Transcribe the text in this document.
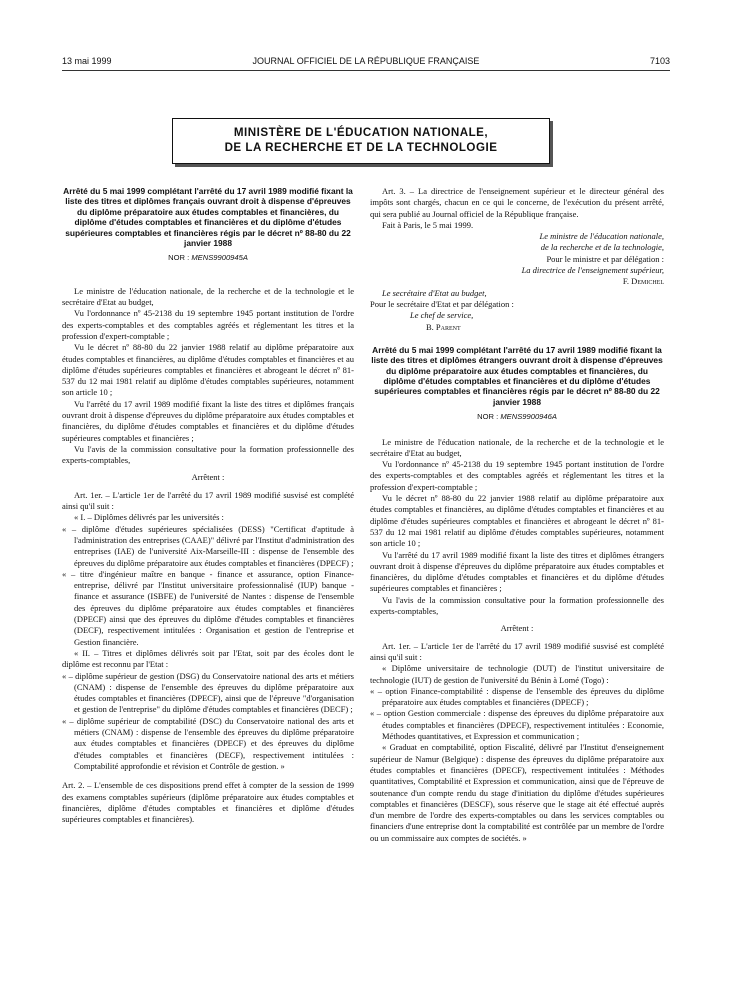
13 mai 1999	JOURNAL OFFICIEL DE LA RÉPUBLIQUE FRANÇAISE	7103
MINISTÈRE DE L'ÉDUCATION NATIONALE,
DE LA RECHERCHE ET DE LA TECHNOLOGIE

Arrêté du 5 mai 1999 complétant l'arrêté du 17 avril 1989 modifié fixant la liste des titres et diplômes français ouvrant droit à dispense d'épreuves du diplôme préparatoire aux études comptables et financières, du diplôme d'études comptables et financières et du diplôme d'études supérieures comptables et financières régis par le décret nº 88-80 du 22 janvier 1988

NOR : MENS9900945A

Le ministre de l'éducation nationale, de la recherche et de la technologie et le secrétaire d'Etat au budget,

Vu l'ordonnance nº 45-2138 du 19 septembre 1945 portant institution de l'ordre des experts-comptables et des comptables agréés et réglementant les titres et la profession d'expert-comptable ;

Vu le décret nº 88-80 du 22 janvier 1988 relatif au diplôme préparatoire aux études comptables et financières, au diplôme d'études comptables et financières et au diplôme d'études supérieures comptables et financières et abrogeant le décret nº 81-537 du 12 mai 1981 relatif au diplôme d'études comptables supérieures, notamment son article 10 ;

Vu l'arrêté du 17 avril 1989 modifié fixant la liste des titres et diplômes français ouvrant droit à dispense d'épreuves du diplôme préparatoire aux études comptables et financières, du diplôme d'études comptables et financières et du diplôme d'études supérieures comptables et financières ;

Vu l'avis de la commission consultative pour la formation professionnelle des experts-comptables,

Arrêtent :

Art. 1er. – L'article 1er de l'arrêté du 17 avril 1989 modifié susvisé est complété ainsi qu'il suit :

« I. – Diplômes délivrés par les universités :

« – diplôme d'études supérieures spécialisées (DESS) "Certificat d'aptitude à l'administration des entreprises (CAAE)" délivré par l'Institut d'administration des entreprises (IAE) de l'université Aix-Marseille-III : dispense de l'ensemble des épreuves du diplôme préparatoire aux études comptables et financières (DPECF) ;

« – titre d'ingénieur maître en banque - finance et assurance, option Finance-entreprise, délivré par l'Institut universitaire professionnalisé (IUP) banque - finance et assurance (ISBFE) de l'université de Nantes : dispense de l'ensemble des épreuves du diplôme préparatoire aux études comptables et financières (DPECF) ainsi que des épreuves du diplôme d'études comptables et financières (DECF), respectivement intitulées : Organisation et gestion de l'entreprise et Gestion financière.

« II. – Titres et diplômes délivrés soit par l'Etat, soit par des écoles dont le diplôme est reconnu par l'Etat :

« – diplôme supérieur de gestion (DSG) du Conservatoire national des arts et métiers (CNAM) : dispense de l'ensemble des épreuves du diplôme préparatoire aux études comptables et financières (DPECF), ainsi que de l'épreuve "d'organisation et gestion de l'entreprise" du diplôme d'études comptables et financières (DECF) ;

« – diplôme supérieur de comptabilité (DSC) du Conservatoire national des arts et métiers (CNAM) : dispense de l'ensemble des épreuves du diplôme préparatoire aux études comptables et financières (DPECF) et des épreuves du diplôme d'études comptables et financières (DECF), respectivement intitulées : Comptabilité approfondie et révision et Contrôle de gestion. »

Art. 2. – L'ensemble de ces dispositions prend effet à compter de la session de 1999 des examens comptables supérieurs (diplôme préparatoire aux études comptables et financières, diplôme d'études comptables et financières et diplôme d'études supérieures comptables et financières).

Art. 3. – La directrice de l'enseignement supérieur et le directeur général des impôts sont chargés, chacun en ce qui le concerne, de l'exécution du présent arrêté, qui sera publié au Journal officiel de la République française.

Fait à Paris, le 5 mai 1999.

Le ministre de l'éducation nationale,

de la recherche et de la technologie,

Pour le ministre et par délégation :

La directrice de l'enseignement supérieur,

F. Demichel

Le secrétaire d'Etat au budget,

Pour le secrétaire d'Etat et par délégation :

Le chef de service,

B. Parent

Arrêté du 5 mai 1999 complétant l'arrêté du 17 avril 1989 modifié fixant la liste des titres et diplômes étrangers ouvrant droit à dispense d'épreuves du diplôme préparatoire aux études comptables et financières, du diplôme d'études comptables et financières et du diplôme d'études supérieures comptables et financières régis par le décret nº 88-80 du 22 janvier 1988

NOR : MENS9900946A

Le ministre de l'éducation nationale, de la recherche et de la technologie et le secrétaire d'Etat au budget,

Vu l'ordonnance nº 45-2138 du 19 septembre 1945 portant institution de l'ordre des experts-comptables et des comptables agréés et réglementant les titres et la profession d'expert-comptable ;

Vu le décret nº 88-80 du 22 janvier 1988 relatif au diplôme préparatoire aux études comptables et financières, au diplôme d'études comptables et financières et au diplôme d'études supérieures comptables et financières et abrogeant le décret nº 81-537 du 12 mai 1981 relatif au diplôme d'études comptables supérieures, notamment son article 10 ;

Vu l'arrêté du 17 avril 1989 modifié fixant la liste des titres et diplômes étrangers ouvrant droit à dispense d'épreuves du diplôme préparatoire aux études comptables et financières, du diplôme d'études comptables et financières et du diplôme d'études supérieures comptables et financières ;

Vu l'avis de la commission consultative pour la formation professionnelle des experts-comptables,

Arrêtent :

Art. 1er. – L'article 1er de l'arrêté du 17 avril 1989 modifié susvisé est complété ainsi qu'il suit :

« Diplôme universitaire de technologie (DUT) de l'institut universitaire de technologie (IUT) de gestion de l'université du Bénin à Lomé (Togo) :

« – option Finance-comptabilité : dispense de l'ensemble des épreuves du diplôme préparatoire aux études comptables et financières (DPECF) ;

« – option Gestion commerciale : dispense des épreuves du diplôme préparatoire aux études comptables et financières (DPECF), respectivement intitulées : Economie, Méthodes quantitatives, et Expression et communication ;

« Graduat en comptabilité, option Fiscalité, délivré par l'Institut d'enseignement supérieur de Namur (Belgique) : dispense des épreuves du diplôme préparatoire aux études comptables et financières (DPECF), respectivement intitulées : Méthodes quantitatives, Comptabilité et Expression et communication, ainsi que de l'épreuve de soutenance d'un compte rendu du stage d'initiation du diplôme d'études supérieures comptables et financières (DESCF), sous réserve que le stage ait été effectué auprès d'un membre de l'ordre des experts-comptables ou dans les services comptables ou financiers d'une entreprise dont la comptabilité est contrôlée par un membre de l'ordre ou un commissaire aux comptes de sociétés. »
